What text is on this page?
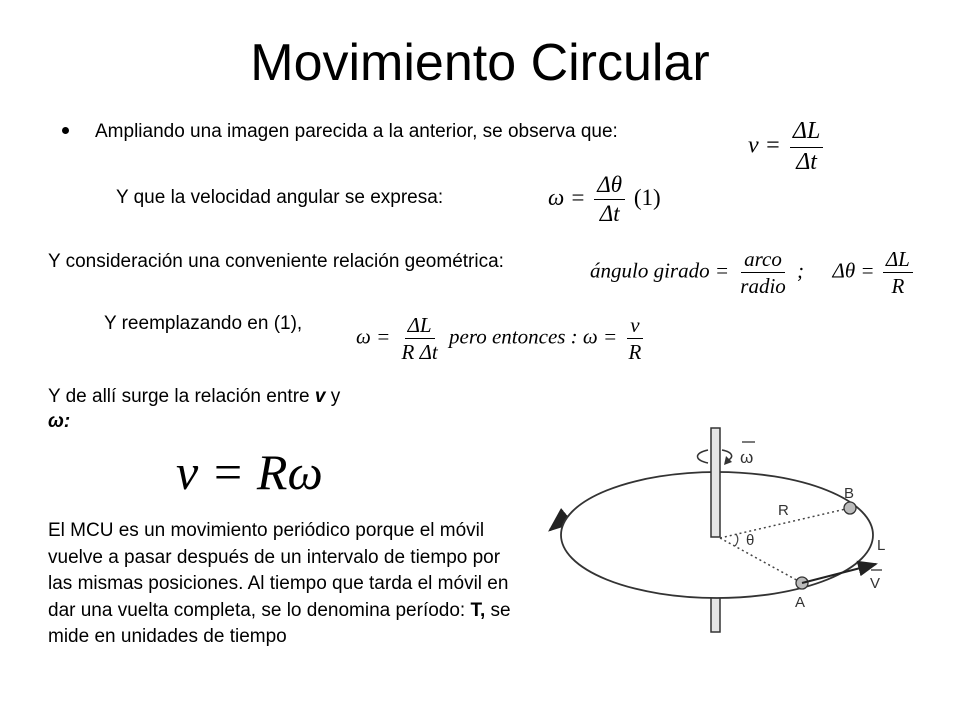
Movimiento Circular
Ampliando una imagen parecida a la anterior, se observa que:
$v = \frac{\Delta L}{\Delta t}$
Y que la velocidad angular se expresa:	$\omega = \frac{\Delta\theta}{\Delta t} (1)$
Y consideración una conveniente relación geométrica:	ángulo girado = $\frac{\text{arco}}{\text{radio}}$ ; $\Delta\theta = \frac{\Delta L}{R}$
Y reemplazando en (1),
$\omega = \frac{\Delta L}{\text{R Δt}}$ pero entonces : $\omega = \frac{v}{R}$
Y de allí surge la relación entre v y
ω:
v = Rω
El MCU es un movimiento periódico porque el móvil vuelve a pasar después de un intervalo de tiempo por las mismas posiciones. Al tiempo que tarda el móvil en dar una vuelta completa, se lo denomina período: T, se mide en unidades de tiempo
ω
θ
R
B
A
L
V
